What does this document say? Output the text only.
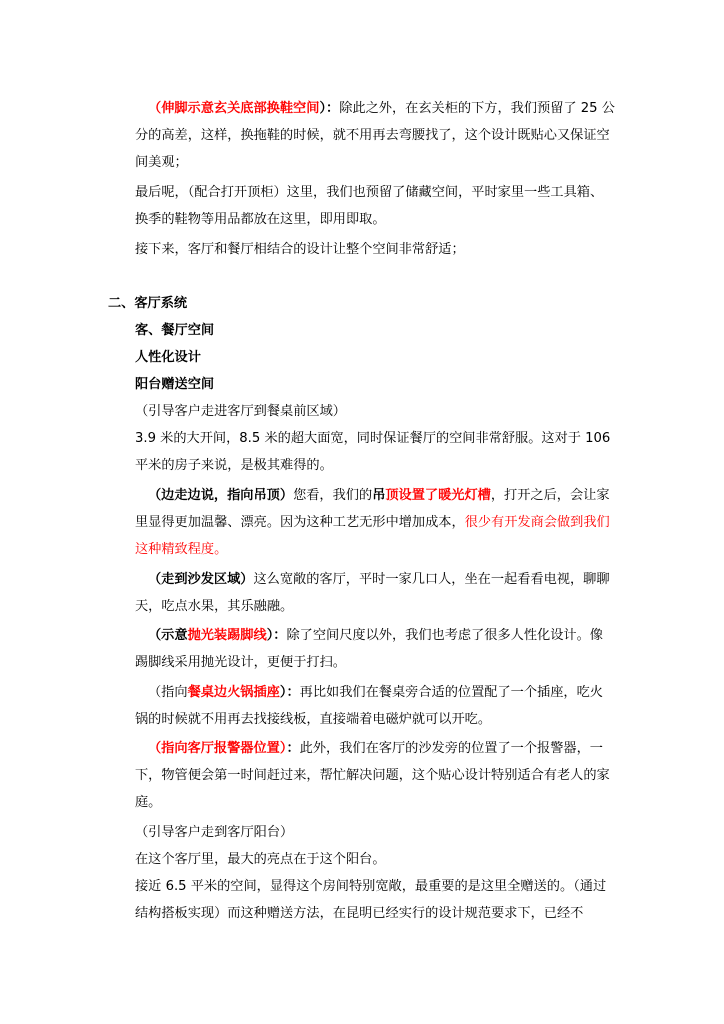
（伸脚示意玄关底部换鞋空间）：除此之外，在玄关柜的下方，我们预留了 25 公分的高差，这样，换拖鞋的时候，就不用再去弯腰找了，这个设计既贴心又保证空间美观；

最后呢，（配合打开顶柜）这里，我们也预留了储藏空间，平时家里一些工具箱、换季的鞋物等用品都放在这里，即用即取。

接下来，客厅和餐厅相结合的设计让整个空间非常舒适；

二、客厅系统

客、餐厅空间

人性化设计

阳台赠送空间

（引导客户走进客厅到餐桌前区域）

3.9 米的大开间，8.5 米的超大面宽，同时保证餐厅的空间非常舒服。这对于 106 平米的房子来说，是极其难得的。

（边走边说，指向吊顶）您看，我们的吊顶设置了暖光灯槽，打开之后，会让家里显得更加温馨、漂亮。因为这种工艺无形中增加成本，很少有开发商会做到我们这种精致程度。

（走到沙发区域）这么宽敞的客厅，平时一家几口人，坐在一起看看电视，聊聊天，吃点水果，其乐融融。

（示意抛光装踢脚线）：除了空间尺度以外，我们也考虑了很多人性化设计。像踢脚线采用抛光设计，更便于打扫。

（指向餐桌边火锅插座）：再比如我们在餐桌旁合适的位置配了一个插座，吃火锅的时候就不用再去找接线板，直接端着电磁炉就可以开吃。

（指向客厅报警器位置）：此外，我们在客厅的沙发旁的位置了一个报警器，一下，物管便会第一时间赶过来，帮忙解决问题，这个贴心设计特别适合有老人的家庭。

（引导客户走到客厅阳台）

在这个客厅里，最大的亮点在于这个阳台。

接近 6.5 平米的空间，显得这个房间特别宽敞，最重要的是这里全赠送的。（通过结构搭板实现）而这种赠送方法，在昆明已经实行的设计规范要求下，已经不
